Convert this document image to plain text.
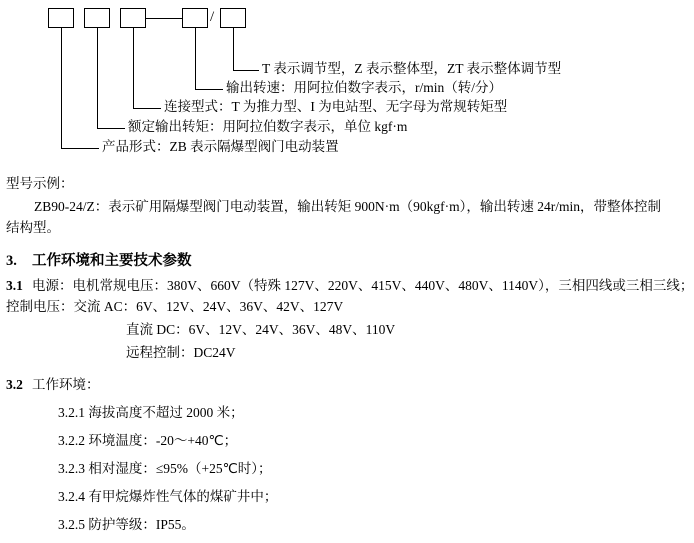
/
T 表示调节型，Z 表示整体型，ZT 表示整体调节型
输出转速：用阿拉伯数字表示，r/min（转/分）
连接型式：T 为推力型、I 为电站型、无字母为常规转矩型
额定输出转矩：用阿拉伯数字表示，单位 kgf·m
产品形式：ZB 表示隔爆型阀门电动装置
型号示例：
ZB90-24/Z：表示矿用隔爆型阀门电动装置，输出转矩 900N·m（90kgf·m），输出转速 24r/min，带整体控制结构型。
3. 工作环境和主要技术参数
3.1 电源：电机常规电压：380V、660V（特殊 127V、220V、415V、440V、480V、1140V），三相四线或三相三线；控制电压：交流 AC：6V、12V、24V、36V、42V、127V
直流 DC：6V、12V、24V、36V、48V、110V
远程控制：DC24V
3.2 工作环境：
3.2.1 海拔高度不超过 2000 米；
3.2.2 环境温度：-20～+40℃；
3.2.3 相对湿度：≤95%（+25℃时）；
3.2.4 有甲烷爆炸性气体的煤矿井中；
3.2.5 防护等级：IP55。
